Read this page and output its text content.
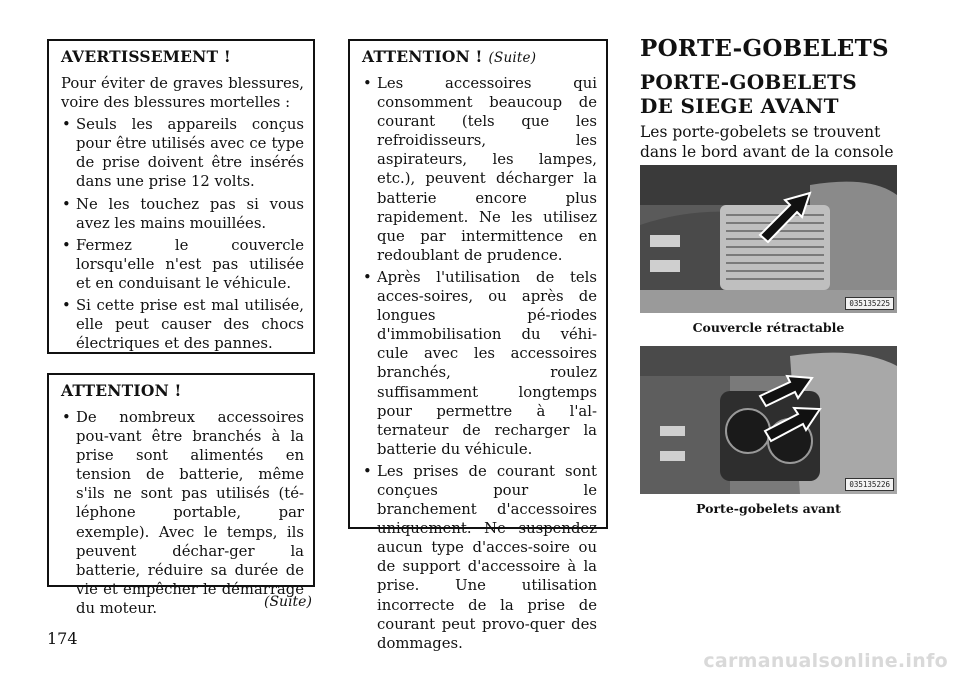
AVERTISSEMENT !

Pour éviter de graves blessures, voire des blessures mortelles :

• Seuls les appareils conçus pour être utilisés avec ce type de prise doivent être insérés dans une prise 12 volts.
• Ne les touchez pas si vous avez les mains mouillées.
• Fermez le couvercle lorsqu'elle n'est pas utilisée et en conduisant le véhicule.
• Si cette prise est mal utilisée, elle peut causer des chocs électriques et des pannes.
ATTENTION !
• De nombreux accessoires pou-vant être branchés à la prise sont alimentés en tension de batterie, même s'ils ne sont pas utilisés (té-léphone portable, par exemple). Avec le temps, ils peuvent déchar-ger la batterie, réduire sa durée de vie et empêcher le démarrage du moteur.	(Suite)
ATTENTION ! (Suite)
• Les accessoires qui consomment beaucoup de courant (tels que les refroidisseurs, les aspirateurs, les lampes, etc.), peuvent décharger la batterie encore plus rapidement. Ne les utilisez que par intermittence en redoublant de prudence.
• Après l'utilisation de tels acces-soires, ou après de longues pé-riodes d'immobilisation du véhi-cule avec les accessoires branchés, roulez suffisamment longtemps pour permettre à l'al-ternateur de recharger la batterie du véhicule.
• Les prises de courant sont conçues pour le branchement d'accessoires uniquement. Ne suspendez aucun type d'acces-soire ou de support d'accessoire à la prise. Une utilisation incorrecte de la prise de courant peut provo-quer des dommages.
PORTE-GOBELETS
PORTE-GOBELETS DE SIEGE AVANT
Les porte-gobelets se trouvent dans le bord avant de la console
035135225
Couvercle rétractable
035135226
Porte-gobelets avant
174
carmanualsonline.info
